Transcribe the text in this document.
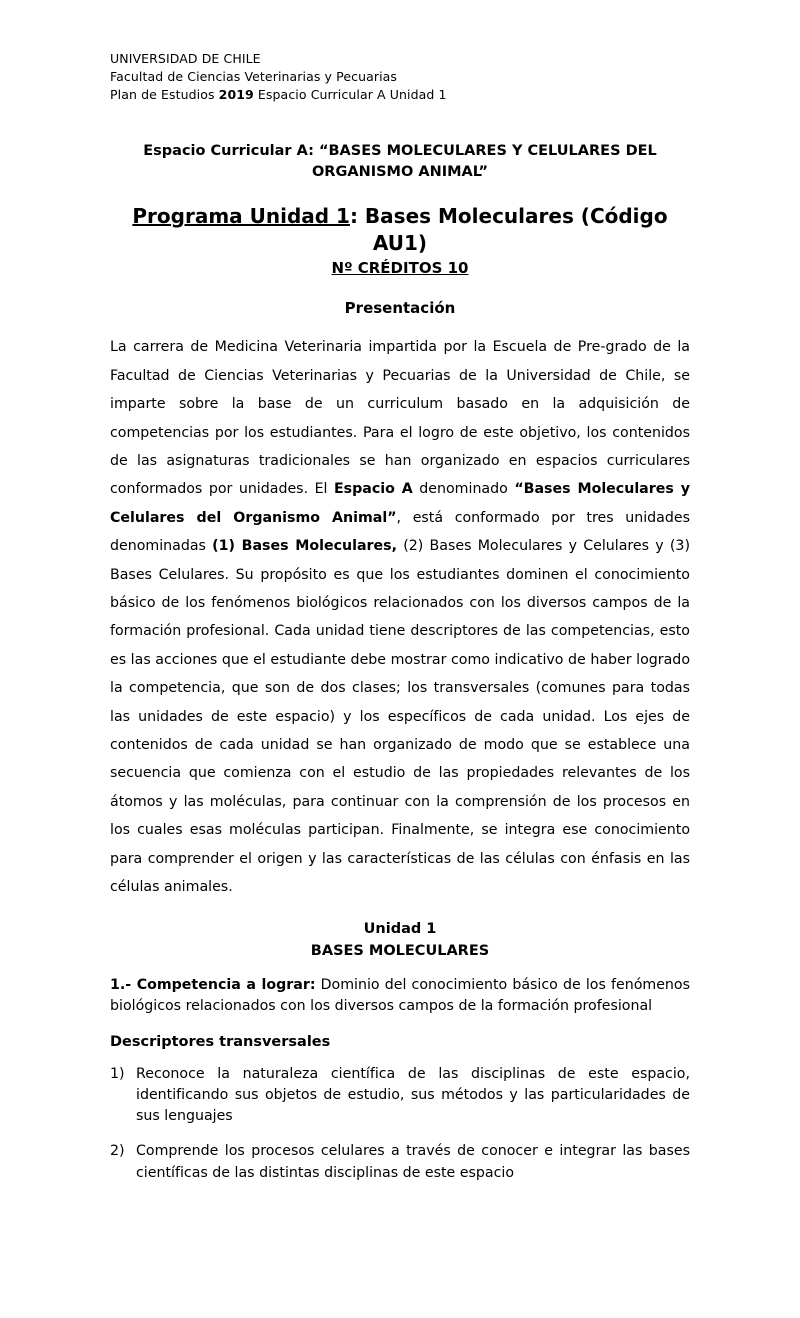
UNIVERSIDAD DE CHILE
Facultad de Ciencias Veterinarias y Pecuarias
Plan de Estudios 2019 Espacio Curricular A Unidad 1
Espacio Curricular A: “BASES MOLECULARES Y CELULARES DEL ORGANISMO ANIMAL”
Programa Unidad 1: Bases Moleculares (Código AU1)
Nº CRÉDITOS 10
Presentación

La carrera de Medicina Veterinaria impartida por la Escuela de Pre-grado de la Facultad de Ciencias Veterinarias y Pecuarias de la Universidad de Chile, se imparte sobre la base de un curriculum basado en la adquisición de competencias por los estudiantes. Para el logro de este objetivo, los contenidos de las asignaturas tradicionales se han organizado en espacios curriculares conformados por unidades. El Espacio A denominado “Bases Moleculares y Celulares del Organismo Animal”, está conformado por tres unidades denominadas (1) Bases Moleculares, (2) Bases Moleculares y Celulares y (3) Bases Celulares. Su propósito es que los estudiantes dominen el conocimiento básico de los fenómenos biológicos relacionados con los diversos campos de la formación profesional. Cada unidad tiene descriptores de las competencias, esto es las acciones que el estudiante debe mostrar como indicativo de haber logrado la competencia, que son de dos clases; los transversales (comunes para todas las unidades de este espacio) y los específicos de cada unidad. Los ejes de contenidos de cada unidad se han organizado de modo que se establece una secuencia que comienza con el estudio de las propiedades relevantes de los átomos y las moléculas, para continuar con la comprensión de los procesos en los cuales esas moléculas participan. Finalmente, se integra ese conocimiento para comprender el origen y las características de las células con énfasis en las células animales.

Unidad 1
BASES MOLECULARES

1.- Competencia a lograr: Dominio del conocimiento básico de los fenómenos biológicos relacionados con los diversos campos de la formación profesional

Descriptores transversales
1) Reconoce la naturaleza científica de las disciplinas de este espacio, identificando sus objetos de estudio, sus métodos y las particularidades de sus lenguajes
2) Comprende los procesos celulares a través de conocer e integrar las bases científicas de las distintas disciplinas de este espacio
